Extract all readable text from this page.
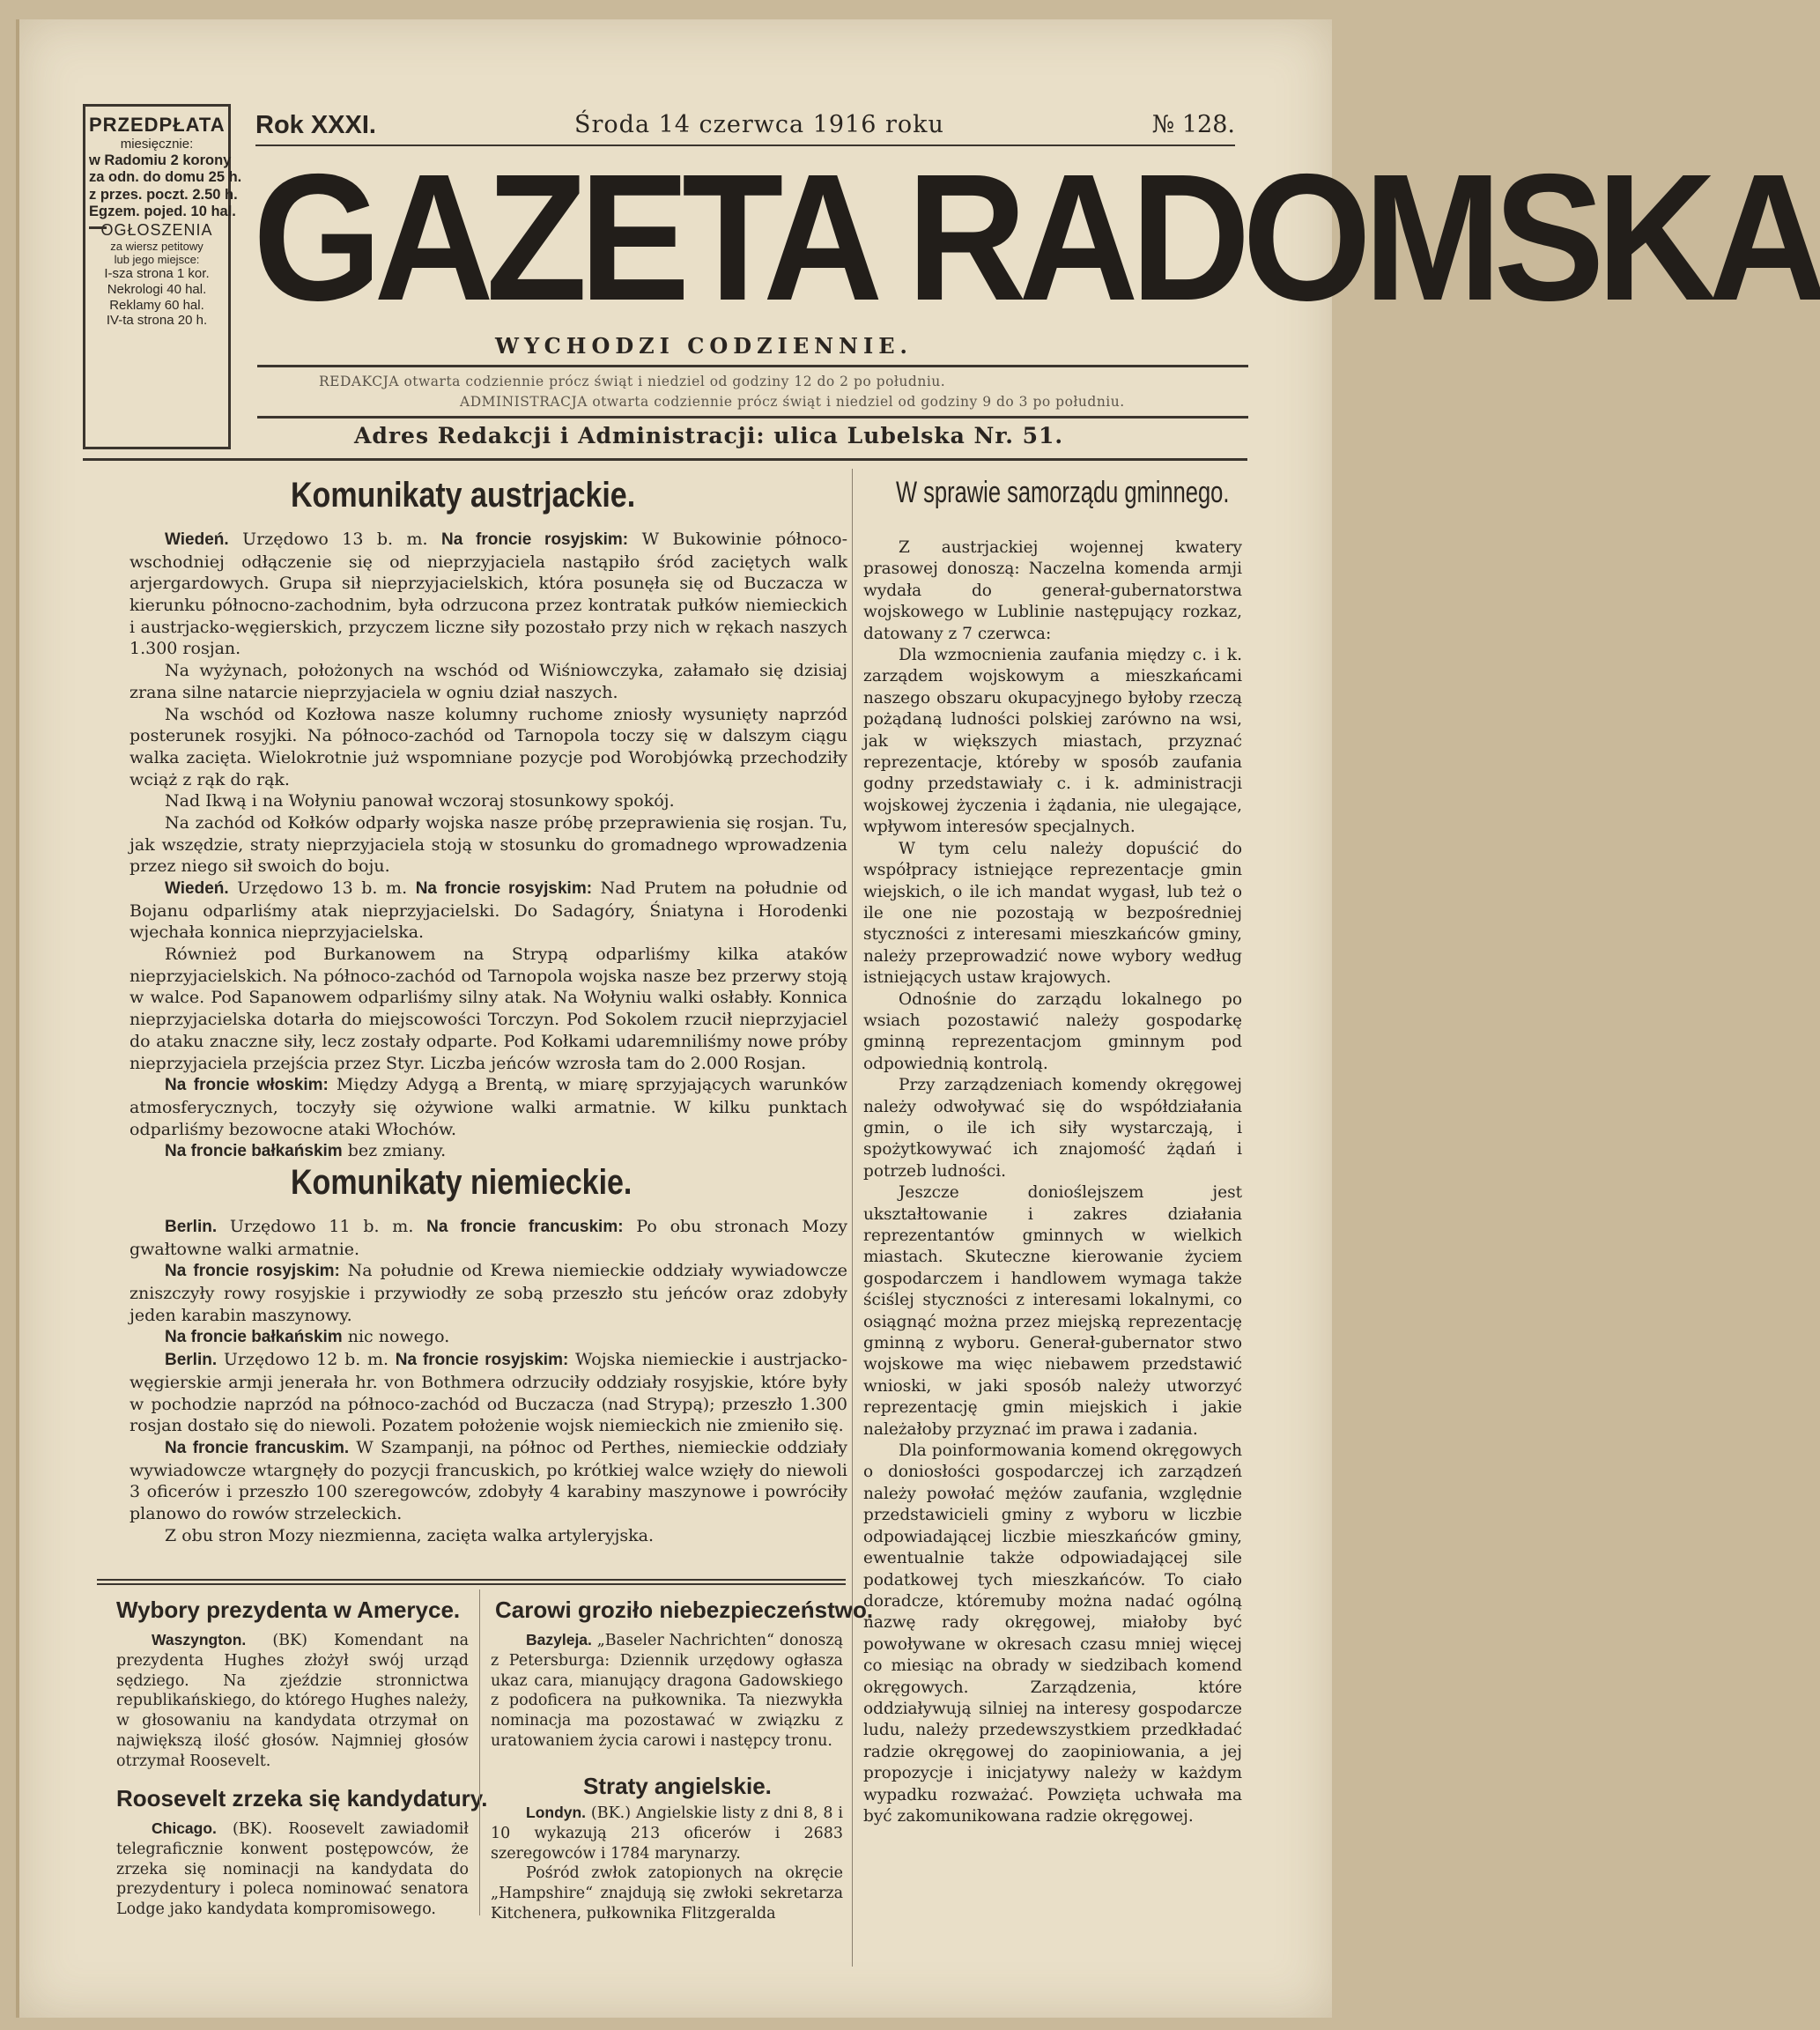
PRZEDPŁATA
miesięcznie:
w Radomiu 2 korony
za odn. do domu 25 h.
z przes. poczt. 2.50 h.
Egzem. pojed. 10 hal.
OGŁOSZENIA
za wiersz petitowy
lub jego miejsce:
I-sza strona 1 kor.
Nekrologi 40 hal.
Reklamy 60 hal.
IV-ta strona 20 h.
Rok XXXI.	Środa 14 czerwca 1916 roku	№ 128.
GAZETA RADOMSKA
WYCHODZI CODZIENNIE.
REDAKCJA otwarta codziennie prócz świąt i niedziel od godziny 12 do 2 po południu.
ADMINISTRACJA otwarta codziennie prócz świąt i niedziel od godziny 9 do 3 po południu.
Adres Redakcji i Administracji: ulica Lubelska Nr. 51.
Komunikaty austrjackie.

Wiedeń. Urzędowo 13 b. m. Na froncie rosyjskim: W Bukowinie północo-wschodniej odłączenie się od nieprzyjaciela nastąpiło śród zaciętych walk arjergardowych. Grupa sił nieprzyjacielskich, która posunęła się od Buczacza w kierunku północno-zachodnim, była odrzucona przez kontratak pułków niemieckich i austrjacko-węgierskich, przyczem liczne siły pozostało przy nich w rękach naszych 1.300 rosjan.

Na wyżynach, położonych na wschód od Wiśniowczyka, załamało się dzisiaj zrana silne natarcie nieprzyjaciela w ogniu dział naszych.

Na wschód od Kozłowa nasze kolumny ruchome zniosły wysunięty naprzód posterunek rosyjki. Na północo-zachód od Tarnopola toczy się w dalszym ciągu walka zacięta. Wielokrotnie już wspomniane pozycje pod Worobjówką przechodziły wciąż z rąk do rąk.

Nad Ikwą i na Wołyniu panował wczoraj stosunkowy spokój.

Na zachód od Kołków odparły wojska nasze próbę przeprawienia się rosjan. Tu, jak wszędzie, straty nieprzyjaciela stoją w stosunku do gromadnego wprowadzenia przez niego sił swoich do boju.

Wiedeń. Urzędowo 13 b. m. Na froncie rosyjskim: Nad Prutem na południe od Bojanu odparliśmy atak nieprzyjacielski. Do Sadagóry, Śniatyna i Horodenki wjechała konnica nieprzyjacielska.

Również pod Burkanowem na Strypą odparliśmy kilka ataków nieprzyjacielskich. Na północo-zachód od Tarnopola wojska nasze bez przerwy stoją w walce. Pod Sapanowem odparliśmy silny atak. Na Wołyniu walki osłabły. Konnica nieprzyjacielska dotarła do miejscowości Torczyn. Pod Sokolem rzucił nieprzyjaciel do ataku znaczne siły, lecz zostały odparte. Pod Kołkami udaremniliśmy nowe próby nieprzyjaciela przejścia przez Styr. Liczba jeńców wzrosła tam do 2.000 Rosjan.

Na froncie włoskim: Między Adygą a Brentą, w miarę sprzyjających warunków atmosferycznych, toczyły się ożywione walki armatnie. W kilku punktach odparliśmy bezowocne ataki Włochów.

Na froncie bałkańskim bez zmiany.

Komunikaty niemieckie.

Berlin. Urzędowo 11 b. m. Na froncie francuskim: Po obu stronach Mozy gwałtowne walki armatnie.

Na froncie rosyjskim: Na południe od Krewa niemieckie oddziały wywiadowcze zniszczyły rowy rosyjskie i przywiodły ze sobą przeszło stu jeńców oraz zdobyły jeden karabin maszynowy.

Na froncie bałkańskim nic nowego.

Berlin. Urzędowo 12 b. m. Na froncie rosyjskim: Wojska niemieckie i austrjacko-węgierskie armji jenerała hr. von Bothmera odrzuciły oddziały rosyjskie, które były w pochodzie naprzód na północo-zachód od Buczacza (nad Strypą); przeszło 1.300 rosjan dostało się do niewoli. Pozatem położenie wojsk niemieckich nie zmieniło się.

Na froncie francuskim. W Szampanji, na północ od Perthes, niemieckie oddziały wywiadowcze wtargnęły do pozycji francuskich, po krótkiej walce wzięły do niewoli 3 oficerów i przeszło 100 szeregowców, zdobyły 4 karabiny maszynowe i powróciły planowo do rowów strzeleckich.

Z obu stron Mozy niezmienna, zacięta walka artyleryjska.

Wybory prezydenta w Ameryce.

Waszyngton. (BK) Komendant na prezydenta Hughes złożył swój urząd sędziego. Na zjeździe stronnictwa republikańskiego, do którego Hughes należy, w głosowaniu na kandydata otrzymał on największą ilość głosów. Najmniej głosów otrzymał Roosevelt.

Roosevelt zrzeka się kandydatury.

Chicago. (BK). Roosevelt zawiadomił telegraficznie konwent postępowców, że zrzeka się nominacji na kandydata do prezydentury i poleca nominować senatora Lodge jako kandydata kompromisowego.

Carowi groziło niebezpieczeństwo.

Bazyleja. „Baseler Nachrichten“ donoszą z Petersburga: Dziennik urzędowy ogłasza ukaz cara, mianujący dragona Gadowskiego z podoficera na pułkownika. Ta niezwykła nominacja ma pozostawać w związku z uratowaniem życia carowi i następcy tronu.

Straty angielskie.

Londyn. (BK.) Angielskie listy z dni 8, 8 i 10 wykazują 213 oficerów i 2683 szeregowców i 1784 marynarzy.

Pośród zwłok zatopionych na okręcie „Hampshire“ znajdują się zwłoki sekretarza Kitchenera, pułkownika Flitzgeralda

W sprawie samorządu gminnego.

Z austrjackiej wojennej kwatery prasowej donoszą: Naczelna komenda armji wydała do generał-gubernatorstwa wojskowego w Lublinie następujący rozkaz, datowany z 7 czerwca:

Dla wzmocnienia zaufania między c. i k. zarządem wojskowym a mieszkańcami naszego obszaru okupacyjnego byłoby rzeczą pożądaną ludności polskiej zarówno na wsi, jak w większych miastach, przyznać reprezentacje, któreby w sposób zaufania godny przedstawiały c. i k. administracji wojskowej życzenia i żądania, nie ulegające, wpływom interesów specjalnych.

W tym celu należy dopuścić do współpracy istniejące reprezentacje gmin wiejskich, o ile ich mandat wygasł, lub też o ile one nie pozostają w bezpośredniej styczności z interesami mieszkańców gminy, należy przeprowadzić nowe wybory według istniejących ustaw krajowych.

Odnośnie do zarządu lokalnego po wsiach pozostawić należy gospodarkę gminną reprezentacjom gminnym pod odpowiednią kontrolą.

Przy zarządzeniach komendy okręgowej należy odwoływać się do współdziałania gmin, o ile ich siły wystarczają, i spożytkowywać ich znajomość żądań i potrzeb ludności.

Jeszcze donioślejszem jest ukształtowanie i zakres działania reprezentantów gminnych w wielkich miastach. Skuteczne kierowanie życiem gospodarczem i handlowem wymaga także ściślej styczności z interesami lokalnymi, co osiągnąć można przez miejską reprezentację gminną z wyboru. Generał-gubernator stwo wojskowe ma więc niebawem przedstawić wnioski, w jaki sposób należy utworzyć reprezentację gmin miejskich i jakie należałoby przyznać im prawa i zadania.

Dla poinformowania komend okręgowych o doniosłości gospodarczej ich zarządzeń należy powołać mężów zaufania, względnie przedstawicieli gminy z wyboru w liczbie odpowiadającej liczbie mieszkańców gminy, ewentualnie także odpowiadającej sile podatkowej tych mieszkańców. To ciało doradcze, któremuby można nadać ogólną nazwę rady okręgowej, miałoby być powoływane w okresach czasu mniej więcej co miesiąc na obrady w siedzibach komend okręgowych. Zarządzenia, które oddziaływują silniej na interesy gospodarcze ludu, należy przedewszystkiem przedkładać radzie okręgowej do zaopiniowania, a jej propozycje i inicjatywy należy w każdym wypadku rozważać. Powzięta uchwała ma być zakomunikowana radzie okręgowej.
